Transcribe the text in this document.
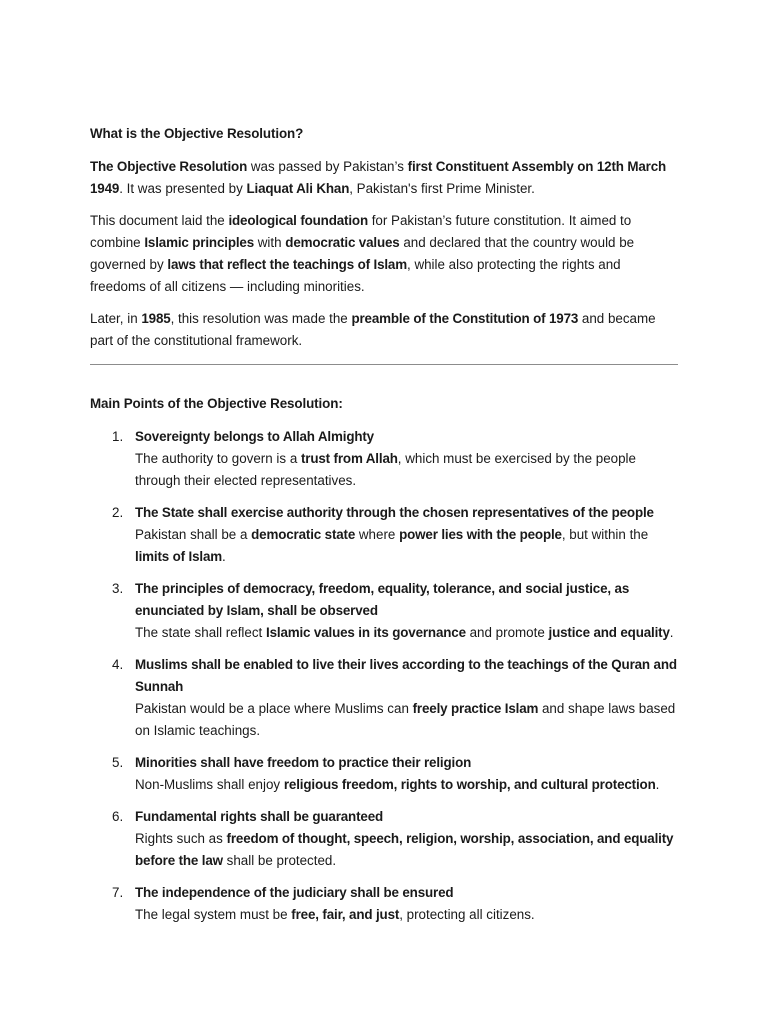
What is the Objective Resolution?

The Objective Resolution was passed by Pakistan’s first Constituent Assembly on 12th March 1949. It was presented by Liaquat Ali Khan, Pakistan's first Prime Minister.

This document laid the ideological foundation for Pakistan’s future constitution. It aimed to combine Islamic principles with democratic values and declared that the country would be governed by laws that reflect the teachings of Islam, while also protecting the rights and freedoms of all citizens — including minorities.

Later, in 1985, this resolution was made the preamble of the Constitution of 1973 and became part of the constitutional framework.

Main Points of the Objective Resolution:
1. Sovereignty belongs to Allah Almighty
The authority to govern is a trust from Allah, which must be exercised by the people through their elected representatives.
2. The State shall exercise authority through the chosen representatives of the people
Pakistan shall be a democratic state where power lies with the people, but within the limits of Islam.
3. The principles of democracy, freedom, equality, tolerance, and social justice, as enunciated by Islam, shall be observed
The state shall reflect Islamic values in its governance and promote justice and equality.
4. Muslims shall be enabled to live their lives according to the teachings of the Quran and Sunnah
Pakistan would be a place where Muslims can freely practice Islam and shape laws based on Islamic teachings.
5. Minorities shall have freedom to practice their religion
Non-Muslims shall enjoy religious freedom, rights to worship, and cultural protection.
6. Fundamental rights shall be guaranteed
Rights such as freedom of thought, speech, religion, worship, association, and equality before the law shall be protected.
7. The independence of the judiciary shall be ensured
The legal system must be free, fair, and just, protecting all citizens.
